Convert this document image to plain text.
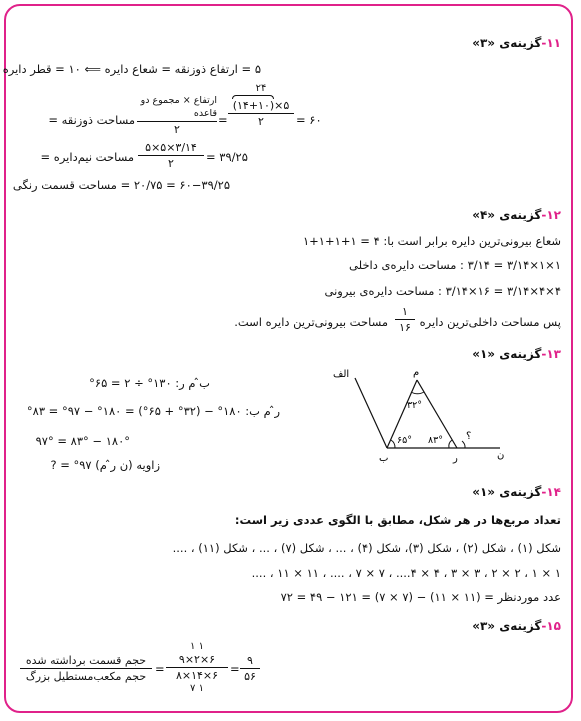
۱۱-گزینه‌ی «۳»
۵ = ارتفاع ذوزنقه = شعاع دایره ⟸ ۱۰ = قطر دایره
مساحت ذوزنقه =
ارتفاع × مجموع دو قاعده
۲
=
۲۴
(۱۴+۱۰)×۵
۲	= ۶۰
مساحت نیم‌دایره =
۵×۵×۳/۱۴
۲	= ۳۹/۲۵
۶۰−۳۹/۲۵ = ۲۰/۷۵ = مساحت قسمت رنگی
۱۲-گزینه‌ی «۴»
شعاع بیرونی‌ترین دایره برابر است با: ۴ = ۱+۱+۱+۱
۱×۱×۳/۱۴ = ۳/۱۴ : مساحت دایره‌ی داخلی
۴×۴×۳/۱۴ = ۱۶×۳/۱۴ : مساحت دایره‌ی بیرونی
پس مساحت داخلی‌ترین دایره
۱
۱۶
مساحت بیرونی‌ترین دایره است.
۱۳-گزینه‌ی «۱»
ب̂ م ر: ۱۳۰° ÷ ۲ = ۶۵°
ر̂ م ب: ۱۸۰° − (۳۲° + ۶۵°) = ۱۸۰° − ۹۷° = ۸۳°
۱۸۰° − ۸۳° = ۹۷°
زاویه (ن ر̂ م) ۹۷° = ?
الف	م
ب	ر	ن
۳۲°
۶۵° ۸۳° ؟
۱۴-گزینه‌ی «۱»
تعداد مربع‌ها در هر شکل، مطابق با الگوی عددی زیر است:
شکل (۱) ، شکل (۲) ، شکل (۳)، شکل (۴) ، ... ، شکل (۷) ، ... ، شکل (۱۱) ، ....
۱ × ۱ ، ۲ × ۲ ، ۳ × ۳ ، ۴ × ۴.... ، ۷ × ۷ ، .... ، ۱۱ × ۱۱ ، ....
عدد موردنظر = (۱۱ × ۱۱) − (۷ × ۷) = ۱۲۱ − ۴۹ = ۷۲
۱۵-گزینه‌ی «۳»
حجم قسمت برداشته شده
حجم مکعب‌مستطیل بزرگ
=
۱ ۱
۹×۲×۶
۸×۱۴×۶
۷ ۱
=
۹
۵۶
